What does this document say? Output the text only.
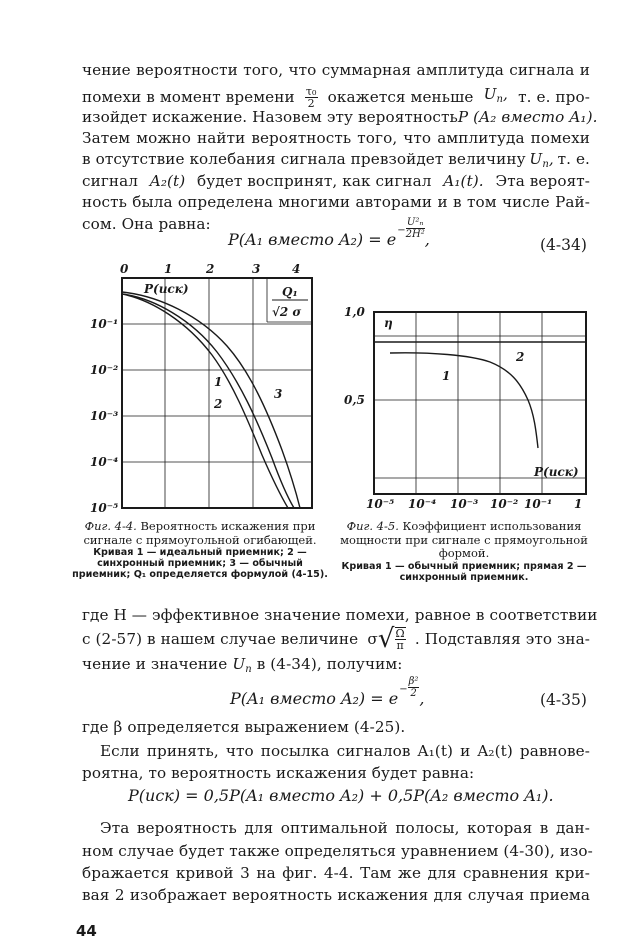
чение вероятности того, что суммарная амплитуда сигнала и
помехи в момент времени $\frac{\text{τ₀}}{2}$ окажется меньше $U_n$, т. е. про-
изойдет искажение. Назовем эту вероятность P (A₂ вместо A₁).
Затем можно найти вероятность того, что амплитуда помехи
в отсутствие колебания сигнала превзойдет величину $U_n$, т. е.
сигнал A₂(t) будет воспринят, как сигнал A₁(t). Эта вероят-
ность была определена многими авторами и в том числе Рай-
сом. Она равна:
P(A₁ вместо $A_2) = e^- \frac{\text{U²ₙ}}{\text{2H²}}$ ,	(4-34)
0	1	2	3	4
10⁻¹
10⁻²
10⁻³
10⁻⁴
10⁻⁵
P(иск)	Q₁
√2 σ
1
2
3
Фиг. 4-4. Вероятность искажения при сигнале с прямоугольной огибающей.
Кривая 1 — идеальный приемник; 2 — синхронный приемник; 3 — обычный приемник; Q₁ определяется формулой (4-15).
1,0
0,5
η
1
2
P(иск)
10⁻⁵ 10⁻⁴ 10⁻³ 10⁻² 10⁻¹ 1
Фиг. 4-5. Коэффициент использования мощности при сигнале с прямоугольной формой.
Кривая 1 — обычный приемник; прямая 2 — синхронный приемник.
где H — эффективное значение помехи, равное в соответствии
с (2-57) в нашем случае величине σ √ $\frac{\Omega}{\pi}$ . Подставляя это зна-
чение и значение $U_n$ в (4-34), получим:
P(A₁ вместо $A_2) = e^- \frac{\text{β²}}{2}$ ,	(4-35)
где β определяется выражением (4-25).
Если принять, что посылка сигналов A₁(t) и A₂(t) равнове-
роятна, то вероятность искажения будет равна:
P(иск) = 0,5P(A₁ вместо A₂) + 0,5P(A₂ вместо A₁).
Эта вероятность для оптимальной полосы, которая в дан-
ном случае будет также определяться уравнением (4-30), изо-
бражается кривой 3 на фиг. 4-4. Там же для сравнения кри-
вая 2 изображает вероятность искажения для случая приема
44
